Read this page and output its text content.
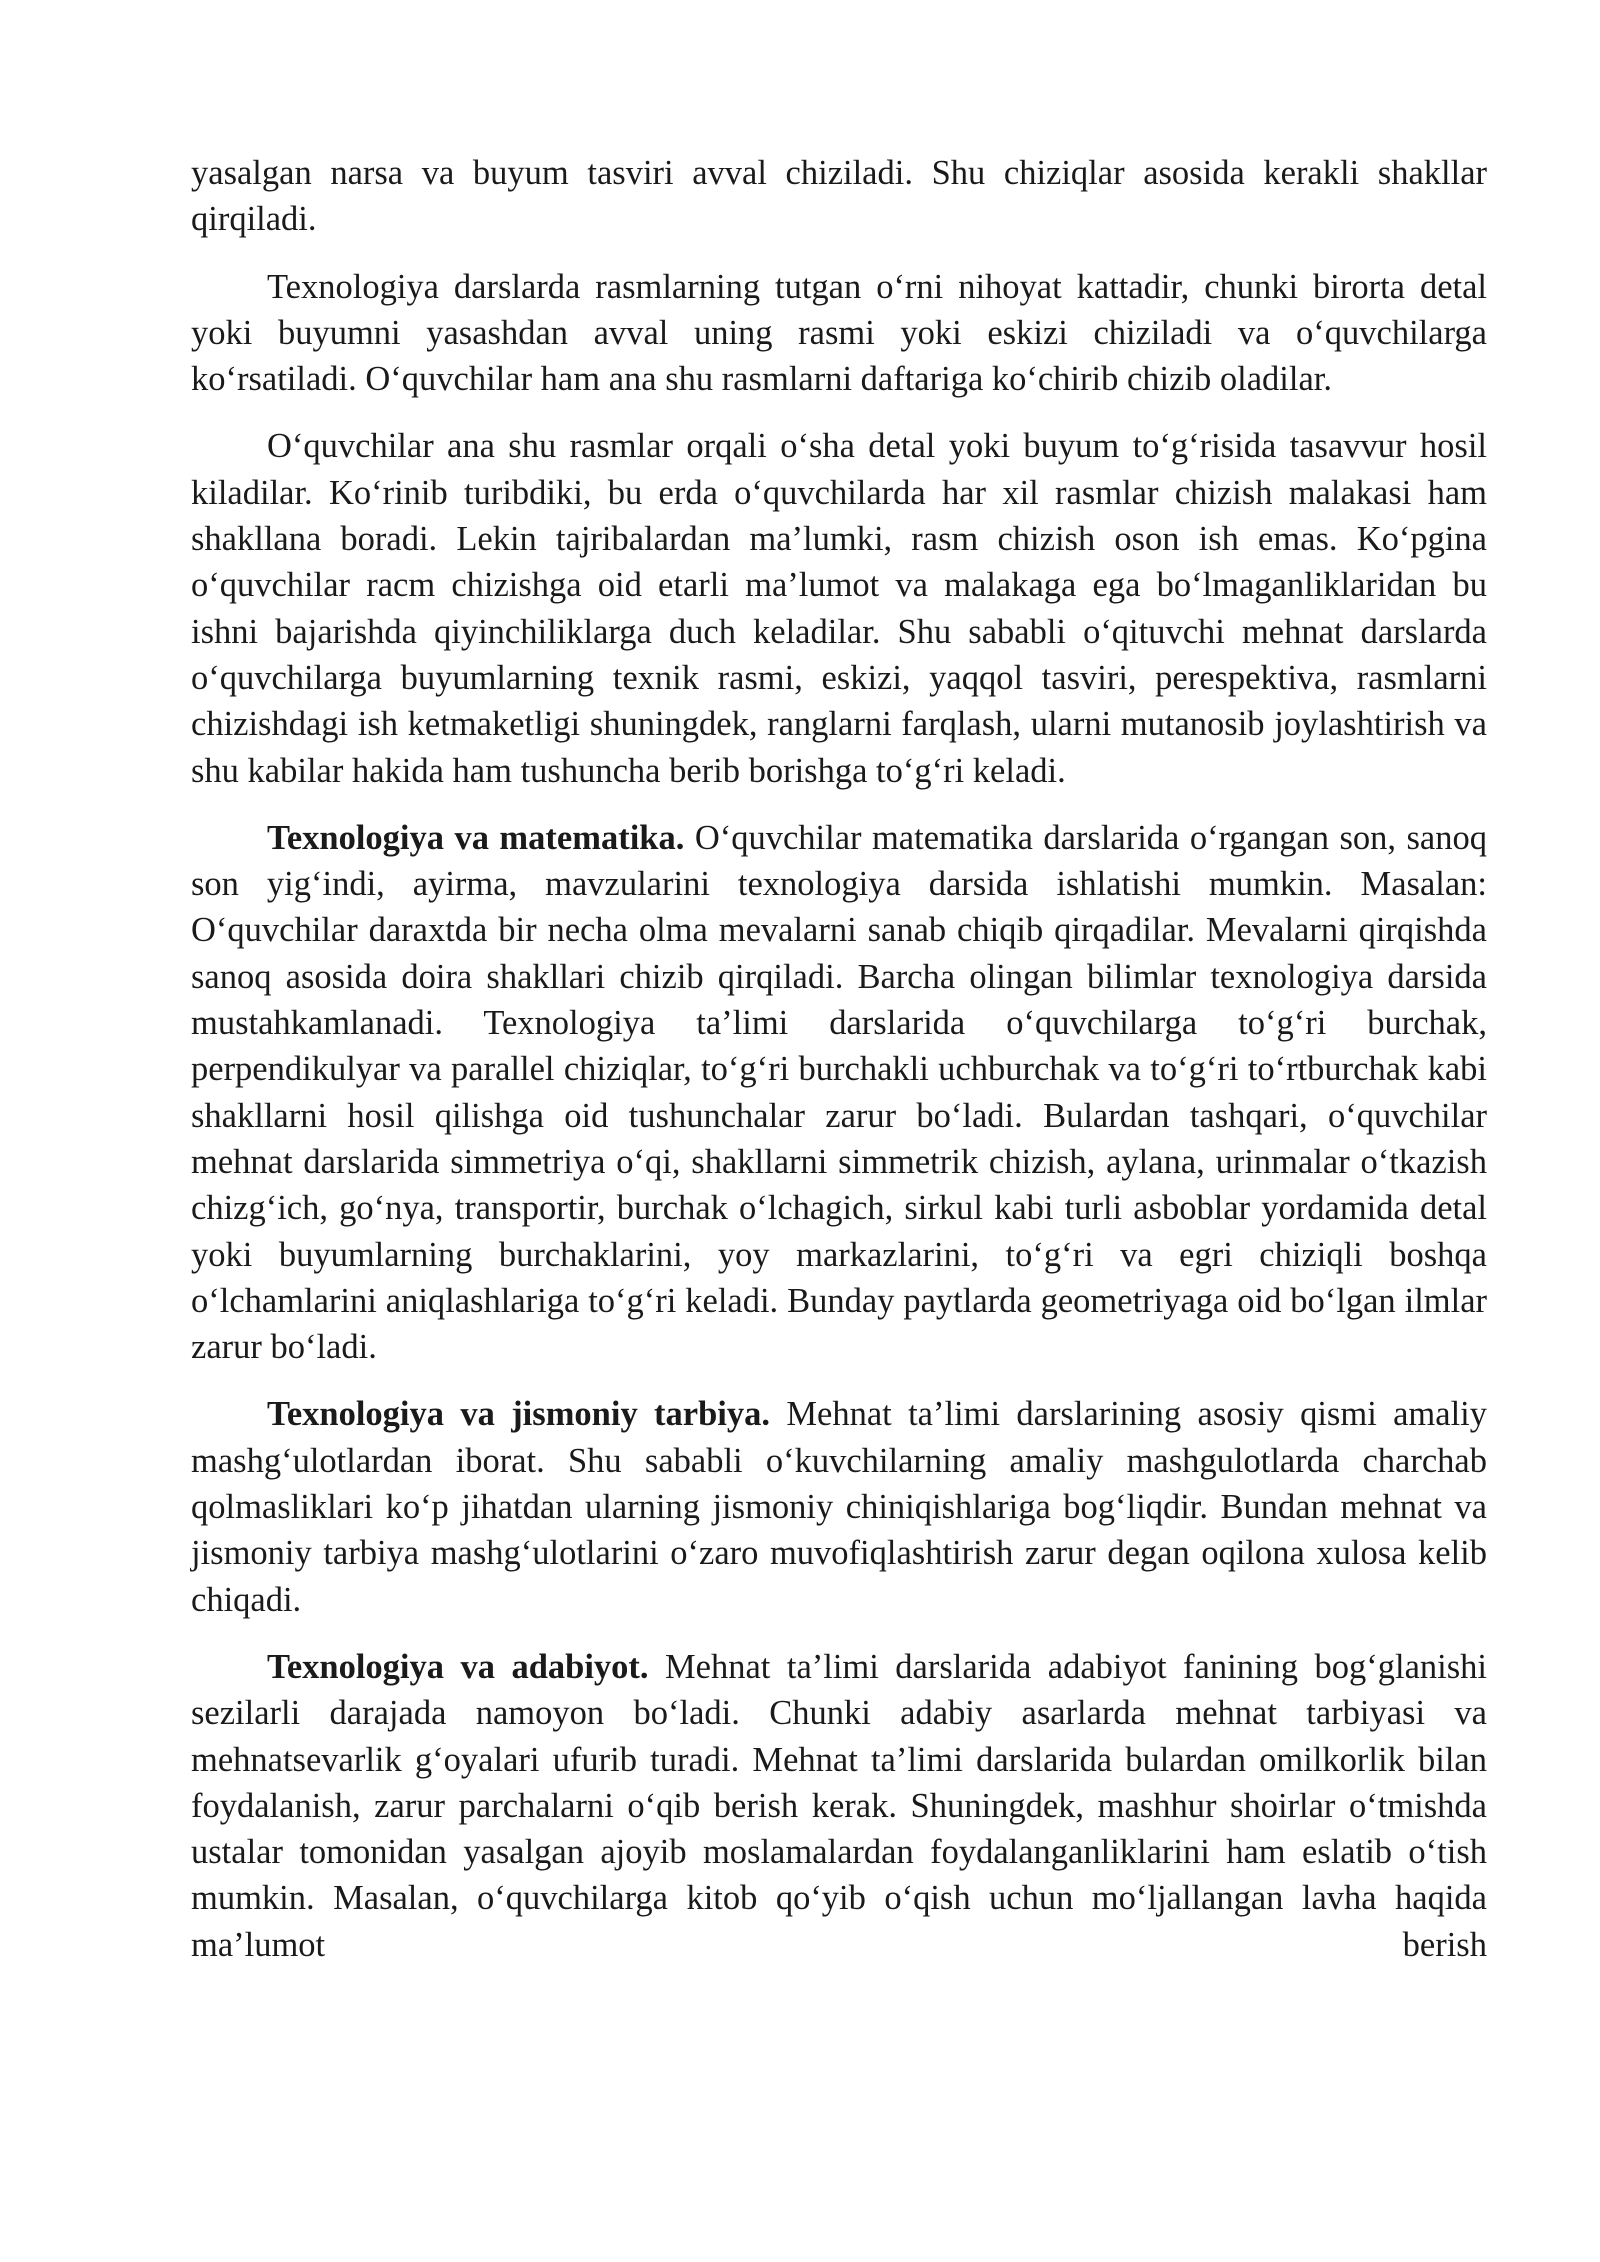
yasalgan narsa va buyum tasviri avval chiziladi. Shu chiziqlar asosida kerakli shakllar qirqiladi.

Texnologiya darslarda rasmlarning tutgan o‘rni nihoyat kattadir, chunki birorta detal yoki buyumni yasashdan avval uning rasmi yoki eskizi chiziladi va o‘quvchilarga ko‘rsatiladi. O‘quvchilar ham ana shu rasmlarni daftariga ko‘chirib chizib oladilar.

O‘quvchilar ana shu rasmlar orqali o‘sha detal yoki buyum to‘g‘risida tasavvur hosil kiladilar. Ko‘rinib turibdiki, bu erda o‘quvchilarda har xil rasmlar chizish malakasi ham shakllana boradi. Lekin tajribalardan ma’lumki, rasm chizish oson ish emas. Ko‘pgina o‘quvchilar racm chizishga oid etarli ma’lumot va malakaga ega bo‘lmaganliklaridan bu ishni bajarishda qiyinchiliklarga duch keladilar. Shu sababli o‘qituvchi mehnat darslarda o‘quvchilarga buyumlarning texnik rasmi, eskizi, yaqqol tasviri, perespektiva, rasmlarni chizishdagi ish ketmaketligi shuningdek, ranglarni farqlash, ularni mutanosib joylashtirish va shu kabilar hakida ham tushuncha berib borishga to‘g‘ri keladi.

Texnologiya va matematika. O‘quvchilar matematika darslarida o‘rgangan son, sanoq son yig‘indi, ayirma, mavzularini texnologiya darsida ishlatishi mumkin. Masalan: O‘quvchilar daraxtda bir necha olma mevalarni sanab chiqib qirqadilar. Mevalarni qirqishda sanoq asosida doira shakllari chizib qirqiladi. Barcha olingan bilimlar texnologiya darsida mustahkamlanadi. Texnologiya ta’limi darslarida o‘quvchilarga to‘g‘ri burchak, perpendikulyar va parallel chiziqlar, to‘g‘ri burchakli uchburchak va to‘g‘ri to‘rtburchak kabi shakllarni hosil qilishga oid tushunchalar zarur bo‘ladi. Bulardan tashqari, o‘quvchilar mehnat darslarida simmetriya o‘qi, shakllarni simmetrik chizish, aylana, urinmalar o‘tkazish chizg‘ich, go‘nya, transportir, burchak o‘lchagich, sirkul kabi turli asboblar yordamida detal yoki buyumlarning burchaklarini, yoy markazlarini, to‘g‘ri va egri chiziqli boshqa o‘lchamlarini aniqlashlariga to‘g‘ri keladi. Bunday paytlarda geometriyaga oid bo‘lgan ilmlar zarur bo‘ladi.

Texnologiya va jismoniy tarbiya. Mehnat ta’limi darslarining asosiy qismi amaliy mashg‘ulotlardan iborat. Shu sababli o‘kuvchilarning amaliy mashgulotlarda charchab qolmasliklari ko‘p jihatdan ularning jismoniy chiniqishlariga bog‘liqdir. Bundan mehnat va jismoniy tarbiya mashg‘ulotlarini o‘zaro muvofiqlashtirish zarur degan oqilona xulosa kelib chiqadi.

Texnologiya va adabiyot. Mehnat ta’limi darslarida adabiyot fanining bog‘glanishi sezilarli darajada namoyon bo‘ladi. Chunki adabiy asarlarda mehnat tarbiyasi va mehnatsevarlik g‘oyalari ufurib turadi. Mehnat ta’limi darslarida bulardan omilkorlik bilan foydalanish, zarur parchalarni o‘qib berish kerak. Shuningdek, mashhur shoirlar o‘tmishda ustalar tomonidan yasalgan ajoyib moslamalardan foydalanganliklarini ham eslatib o‘tish mumkin. Masalan, o‘quvchilarga kitob qo‘yib o‘qish uchun mo‘ljallangan lavha haqida ma’lumot berish
